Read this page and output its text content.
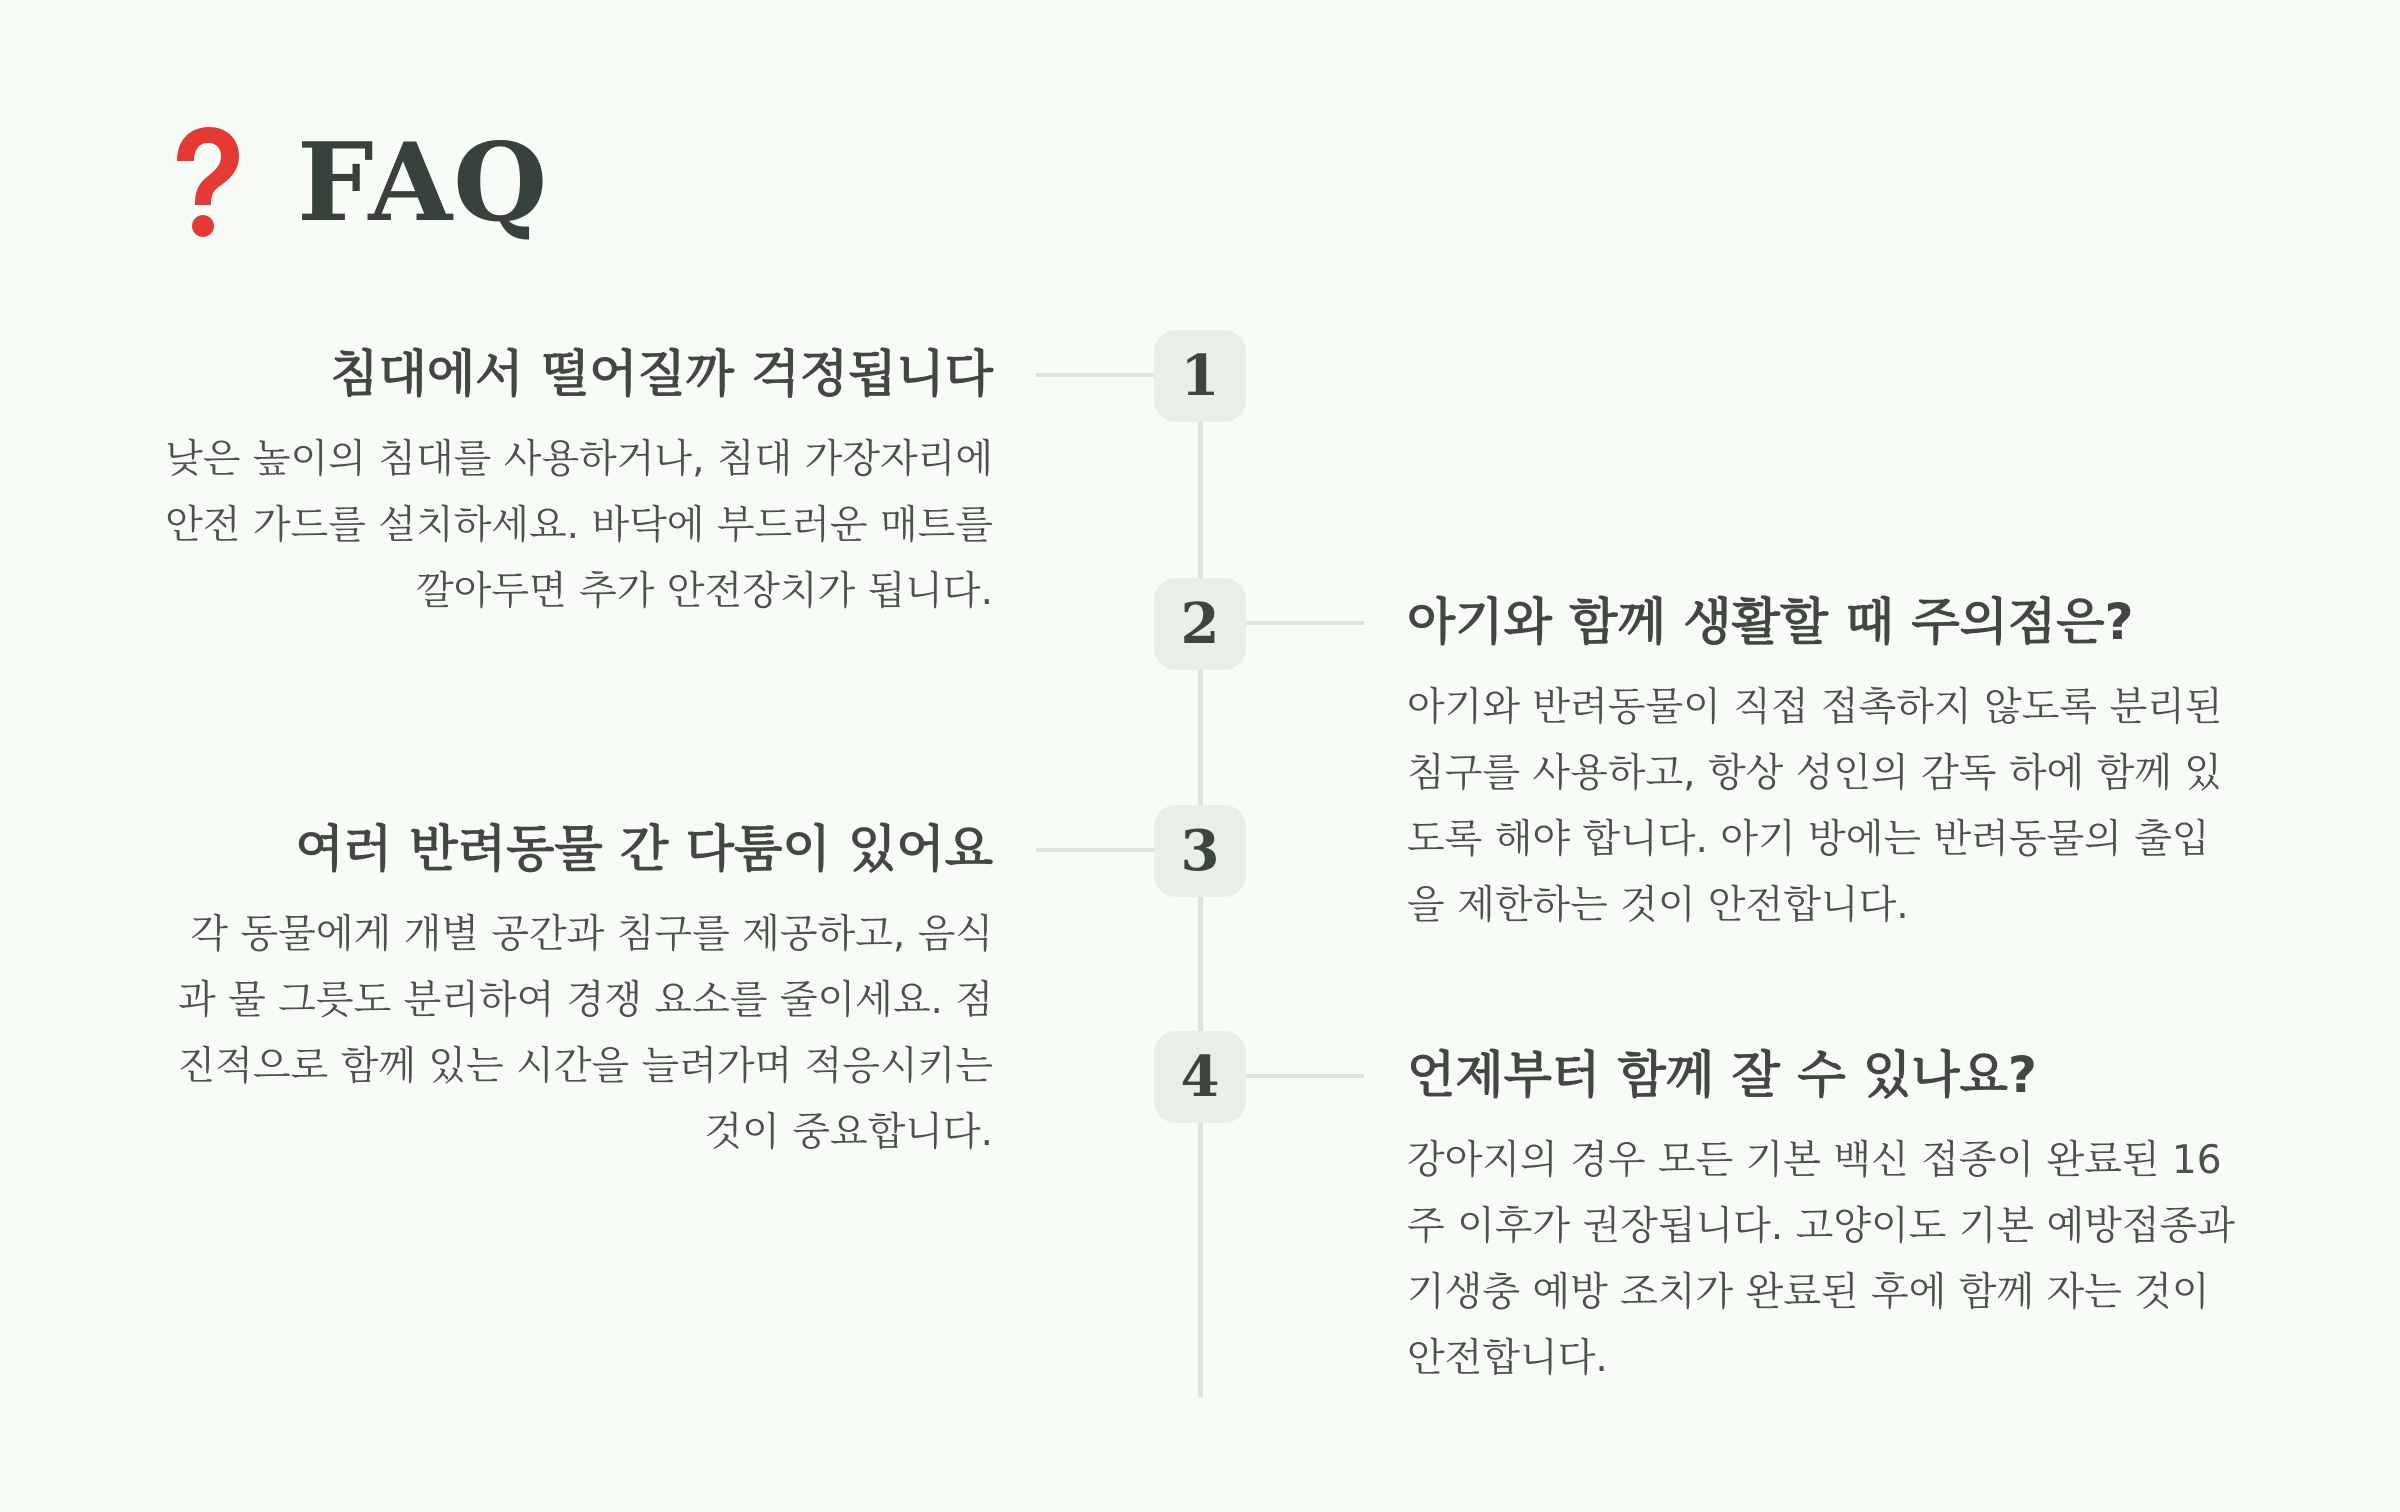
FAQ
1
침대에서 떨어질까 걱정됩니다

낮은 높이의 침대를 사용하거나, 침대 가장자리에 안전 가드를 설치하세요. 바닥에 부드러운 매트를 깔아두면 추가 안전장치가 됩니다.	2	아기와 함께 생활할 때 주의점은?

아기와 반려동물이 직접 접촉하지 않도록 분리된 침구를 사용하고, 항상 성인의 감독 하에 함께 있도록 해야 합니다. 아기 방에는 반려동물의 출입을 제한하는 것이 안전합니다.

3
여러 반려동물 간 다툼이 있어요

각 동물에게 개별 공간과 침구를 제공하고, 음식과 물 그릇도 분리하여 경쟁 요소를 줄이세요. 점진적으로 함께 있는 시간을 늘려가며 적응시키는 것이 중요합니다.

4	언제부터 함께 잘 수 있나요?

강아지의 경우 모든 기본 백신 접종이 완료된 16주 이후가 권장됩니다. 고양이도 기본 예방접종과 기생충 예방 조치가 완료된 후에 함께 자는 것이 안전합니다.
